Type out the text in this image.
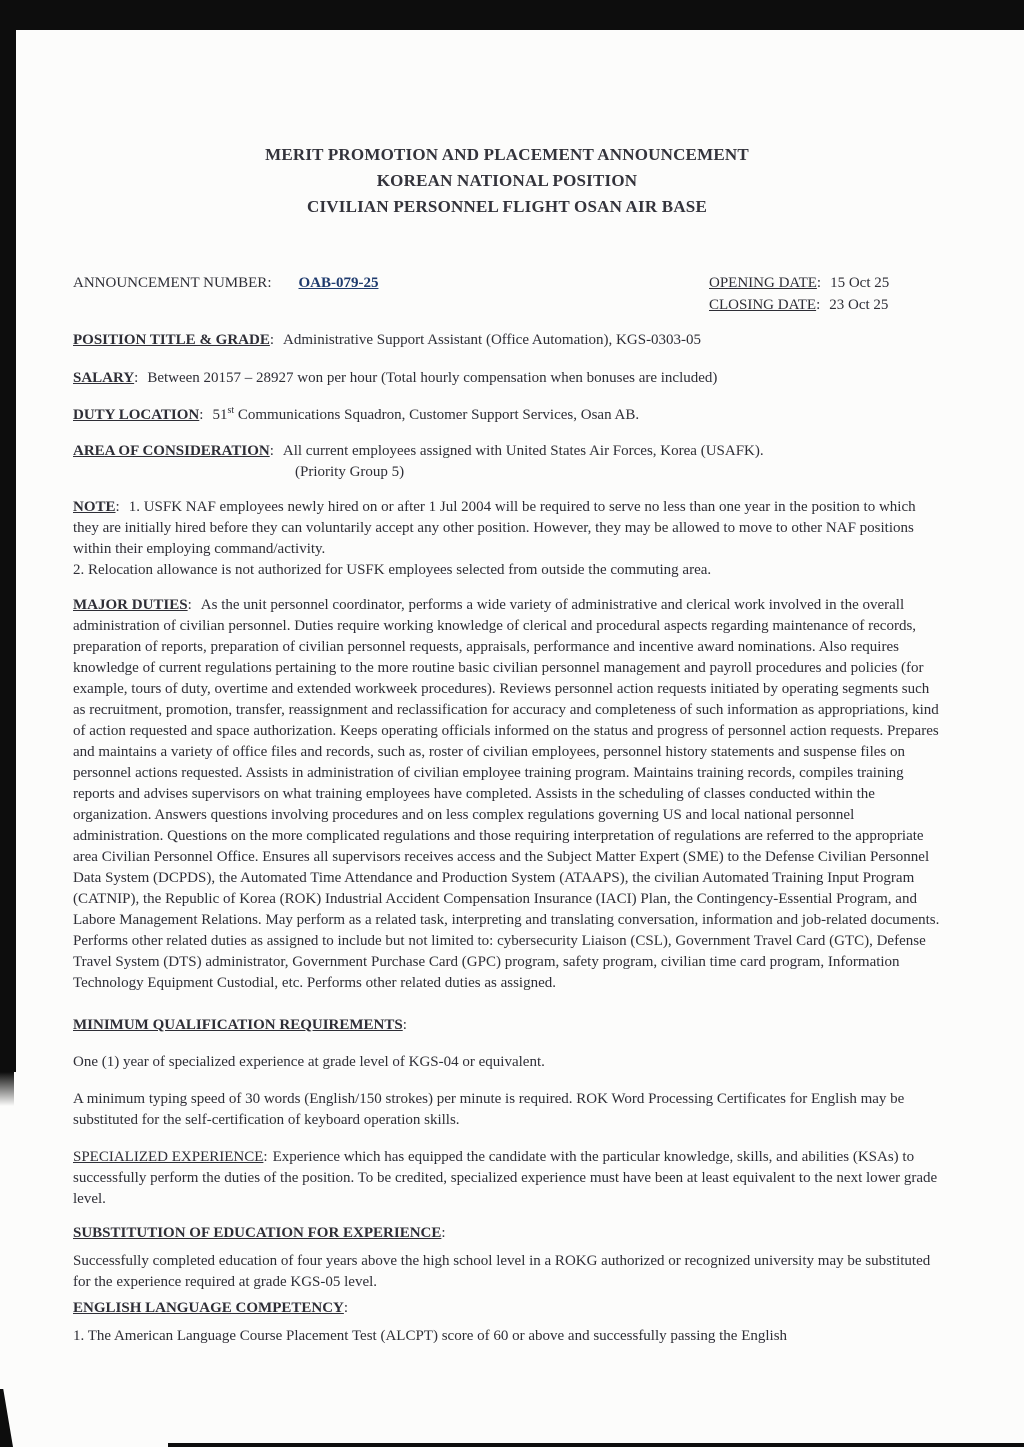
MERIT PROMOTION AND PLACEMENT ANNOUNCEMENT
KOREAN NATIONAL POSITION
CIVILIAN PERSONNEL FLIGHT OSAN AIR BASE
ANNOUNCEMENT NUMBER: OAB-079-25	OPENING DATE: 15 Oct 25
CLOSING DATE: 23 Oct 25

POSITION TITLE & GRADE: Administrative Support Assistant (Office Automation), KGS-0303-05

SALARY: Between 20157 – 28927 won per hour (Total hourly compensation when bonuses are included)

DUTY LOCATION: 51st Communications Squadron, Customer Support Services, Osan AB.

AREA OF CONSIDERATION: All current employees assigned with United States Air Forces, Korea (USAFK).
(Priority Group 5)

NOTE: 1. USFK NAF employees newly hired on or after 1 Jul 2004 will be required to serve no less than one year in the position to which they are initially hired before they can voluntarily accept any other position. However, they may be allowed to move to other NAF positions within their employing command/activity.
2. Relocation allowance is not authorized for USFK employees selected from outside the commuting area.

MAJOR DUTIES: As the unit personnel coordinator, performs a wide variety of administrative and clerical work involved in the overall administration of civilian personnel. Duties require working knowledge of clerical and procedural aspects regarding maintenance of records, preparation of reports, preparation of civilian personnel requests, appraisals, performance and incentive award nominations. Also requires knowledge of current regulations pertaining to the more routine basic civilian personnel management and payroll procedures and policies (for example, tours of duty, overtime and extended workweek procedures). Reviews personnel action requests initiated by operating segments such as recruitment, promotion, transfer, reassignment and reclassification for accuracy and completeness of such information as appropriations, kind of action requested and space authorization. Keeps operating officials informed on the status and progress of personnel action requests. Prepares and maintains a variety of office files and records, such as, roster of civilian employees, personnel history statements and suspense files on personnel actions requested. Assists in administration of civilian employee training program. Maintains training records, compiles training reports and advises supervisors on what training employees have completed. Assists in the scheduling of classes conducted within the organization. Answers questions involving procedures and on less complex regulations governing US and local national personnel administration. Questions on the more complicated regulations and those requiring interpretation of regulations are referred to the appropriate area Civilian Personnel Office. Ensures all supervisors receives access and the Subject Matter Expert (SME) to the Defense Civilian Personnel Data System (DCPDS), the Automated Time Attendance and Production System (ATAAPS), the civilian Automated Training Input Program (CATNIP), the Republic of Korea (ROK) Industrial Accident Compensation Insurance (IACI) Plan, the Contingency-Essential Program, and Labore Management Relations. May perform as a related task, interpreting and translating conversation, information and job-related documents. Performs other related duties as assigned to include but not limited to: cybersecurity Liaison (CSL), Government Travel Card (GTC), Defense Travel System (DTS) administrator, Government Purchase Card (GPC) program, safety program, civilian time card program, Information Technology Equipment Custodial, etc. Performs other related duties as assigned.

MINIMUM QUALIFICATION REQUIREMENTS:

One (1) year of specialized experience at grade level of KGS-04 or equivalent.

A minimum typing speed of 30 words (English/150 strokes) per minute is required. ROK Word Processing Certificates for English may be substituted for the self-certification of keyboard operation skills.

SPECIALIZED EXPERIENCE: Experience which has equipped the candidate with the particular knowledge, skills, and abilities (KSAs) to successfully perform the duties of the position. To be credited, specialized experience must have been at least equivalent to the next lower grade level.

SUBSTITUTION OF EDUCATION FOR EXPERIENCE:

Successfully completed education of four years above the high school level in a ROKG authorized or recognized university may be substituted for the experience required at grade KGS-05 level.

ENGLISH LANGUAGE COMPETENCY:

1. The American Language Course Placement Test (ALCPT) score of 60 or above and successfully passing the English
